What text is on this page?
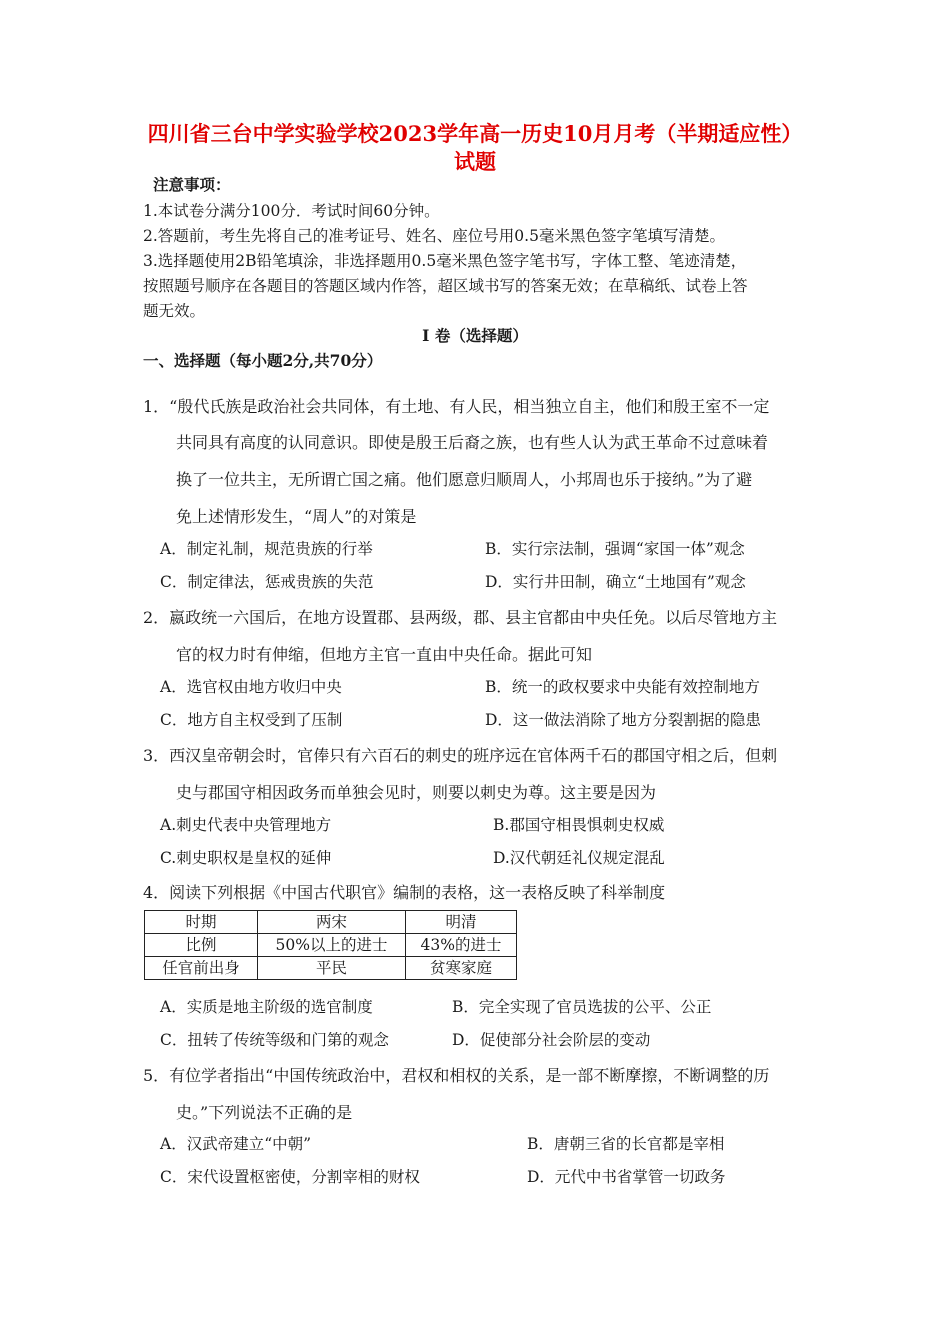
四川省三台中学实验学校2023学年高一历史10月月考（半期适应性）试题
注意事项：
1.本试卷分满分100分．考试时间60分钟。
2.答题前，考生先将自己的准考证号、姓名、座位号用0.5毫米黑色签字笔填写清楚。
3.选择题使用2B铅笔填涂，非选择题用0.5毫米黑色签字笔书写，字体工整、笔迹清楚，
按照题号顺序在各题目的答题区域内作答，超区域书写的答案无效；在草稿纸、试卷上答
题无效。
Ⅰ 卷（选择题）
一、选择题（每小题2分,共70分）
1．“殷代氏族是政治社会共同体，有土地、有人民，相当独立自主，他们和殷王室不一定
共同具有高度的认同意识。即使是殷王后裔之族，也有些人认为武王革命不过意味着
换了一位共主，无所谓亡国之痛。他们愿意归顺周人，小邦周也乐于接纳。”为了避
免上述情形发生，“周人”的对策是
A．制定礼制，规范贵族的行举	B．实行宗法制，强调“家国一体”观念
C．制定律法，惩戒贵族的失范	D．实行井田制，确立“土地国有”观念
2．嬴政统一六国后，在地方设置郡、县两级，郡、县主官都由中央任免。以后尽管地方主
官的权力时有伸缩，但地方主官一直由中央任命。据此可知
A．选官权由地方收归中央	B．统一的政权要求中央能有效控制地方
C．地方自主权受到了压制	D．这一做法消除了地方分裂割据的隐患
3．西汉皇帝朝会时，官俸只有六百石的刺史的班序远在官体两千石的郡国守相之后，但刺
史与郡国守相因政务而单独会见时，则要以刺史为尊。这主要是因为
A.刺史代表中央管理地方	B.郡国守相畏惧刺史权威
C.刺史职权是皇权的延伸	D.汉代朝廷礼仪规定混乱
4．阅读下列根据《中国古代职官》编制的表格，这一表格反映了科举制度
时期	两宋	明清
比例	50%以上的进士	43%的进士
任官前出身	平民	贫寒家庭
A．实质是地主阶级的选官制度	B．完全实现了官员选拔的公平、公正
C．扭转了传统等级和门第的观念	D．促使部分社会阶层的变动
5．有位学者指出“中国传统政治中，君权和相权的关系，是一部不断摩擦，不断调整的历
史。”下列说法不正确的是
A．汉武帝建立“中朝”	B．唐朝三省的长官都是宰相
C．宋代设置枢密使，分割宰相的财权	D．元代中书省掌管一切政务
